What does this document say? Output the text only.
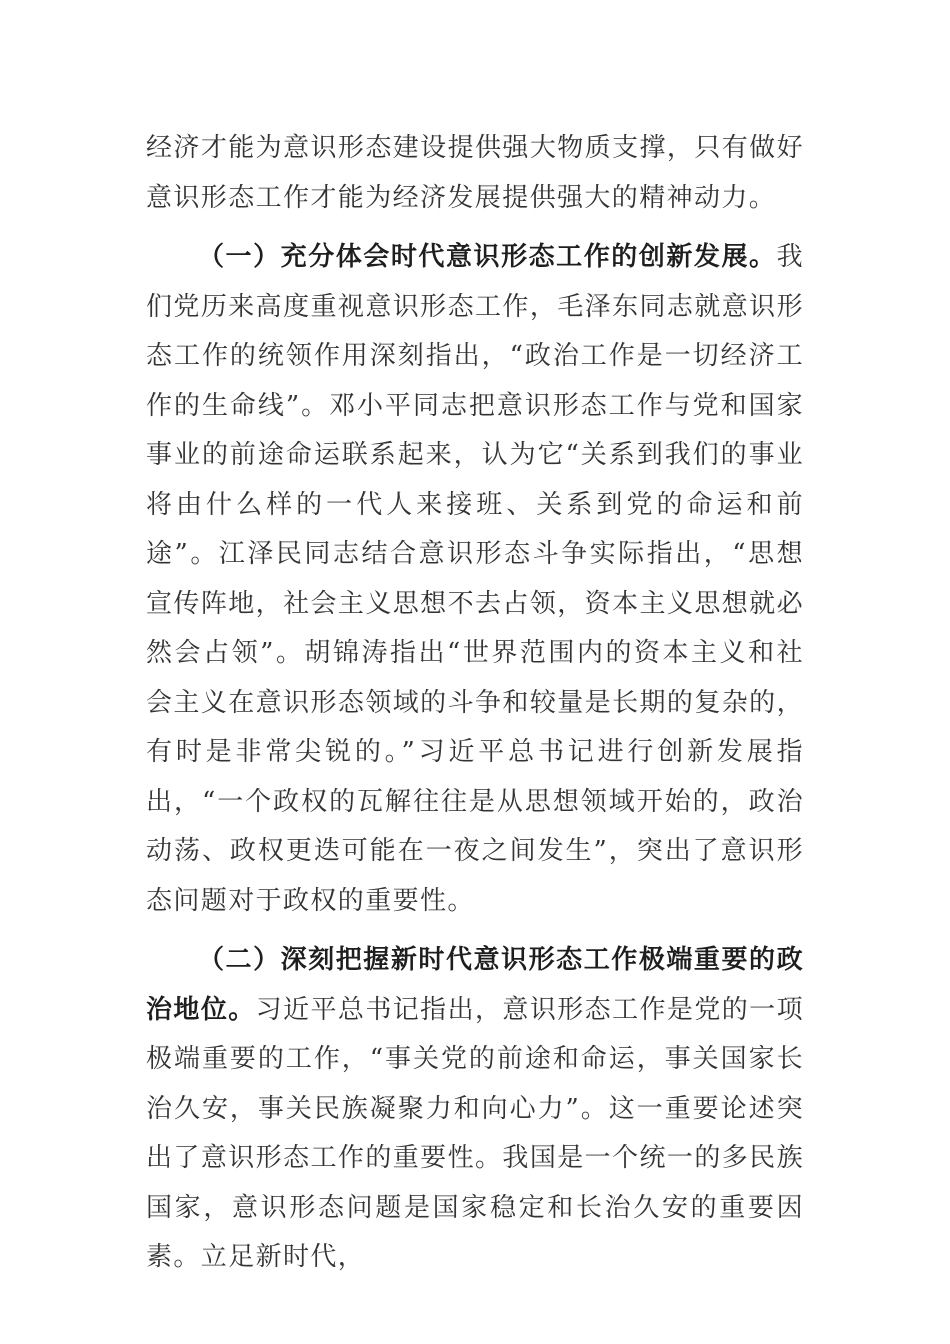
经济才能为意识形态建设提供强大物质支撑，只有做好意识形态工作才能为经济发展提供强大的精神动力。

（一）充分体会时代意识形态工作的创新发展。我们党历来高度重视意识形态工作，毛泽东同志就意识形态工作的统领作用深刻指出，“政治工作是一切经济工作的生命线”。邓小平同志把意识形态工作与党和国家事业的前途命运联系起来，认为它“关系到我们的事业将由什么样的一代人来接班、关系到党的命运和前途”。江泽民同志结合意识形态斗争实际指出，“思想宣传阵地，社会主义思想不去占领，资本主义思想就必然会占领”。胡锦涛指出“世界范围内的资本主义和社会主义在意识形态领域的斗争和较量是长期的复杂的，有时是非常尖锐的。”习近平总书记进行创新发展指出，“一个政权的瓦解往往是从思想领域开始的，政治动荡、政权更迭可能在一夜之间发生”，突出了意识形态问题对于政权的重要性。

（二）深刻把握新时代意识形态工作极端重要的政治地位。习近平总书记指出，意识形态工作是党的一项极端重要的工作，“事关党的前途和命运，事关国家长治久安，事关民族凝聚力和向心力”。这一重要论述突出了意识形态工作的重要性。我国是一个统一的多民族国家，意识形态问题是国家稳定和长治久安的重要因素。立足新时代，
